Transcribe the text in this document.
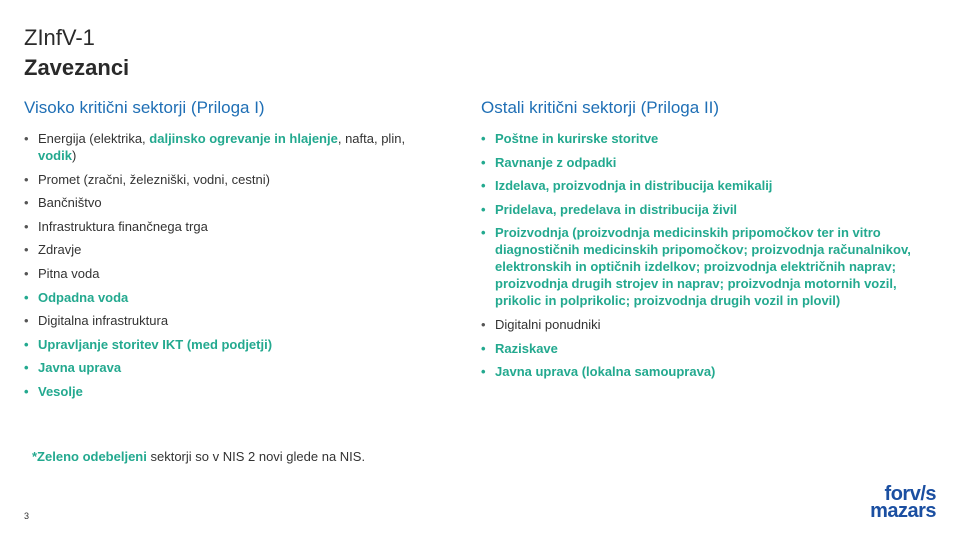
ZInfV-1
Zavezanci
Visoko kritični sektorji (Priloga I)
• Energija (elektrika, daljinsko ogrevanje in hlajenje, nafta, plin, vodik)
• Promet (zračni, železniški, vodni, cestni)
• Bančništvo
• Infrastruktura finančnega trga
• Zdravje
• Pitna voda
• Odpadna voda
• Digitalna infrastruktura
• Upravljanje storitev IKT (med podjetji)
• Javna uprava
• Vesolje
Ostali kritični sektorji (Priloga II)
• Poštne in kurirske storitve
• Ravnanje z odpadki
• Izdelava, proizvodnja in distribucija kemikalij
• Pridelava, predelava in distribucija živil
• Proizvodnja (proizvodnja medicinskih pripomočkov ter in vitro diagnostičnih medicinskih pripomočkov; proizvodnja računalnikov, elektronskih in optičnih izdelkov; proizvodnja električnih naprav; proizvodnja drugih strojev in naprav; proizvodnja motornih vozil, prikolic in polprikolic; proizvodnja drugih vozil in plovil)
• Digitalni ponudniki
• Raziskave
• Javna uprava (lokalna samouprava)
*Zeleno odebeljeni sektorji so v NIS 2 novi glede na NIS.
3
forv/s
mazars
